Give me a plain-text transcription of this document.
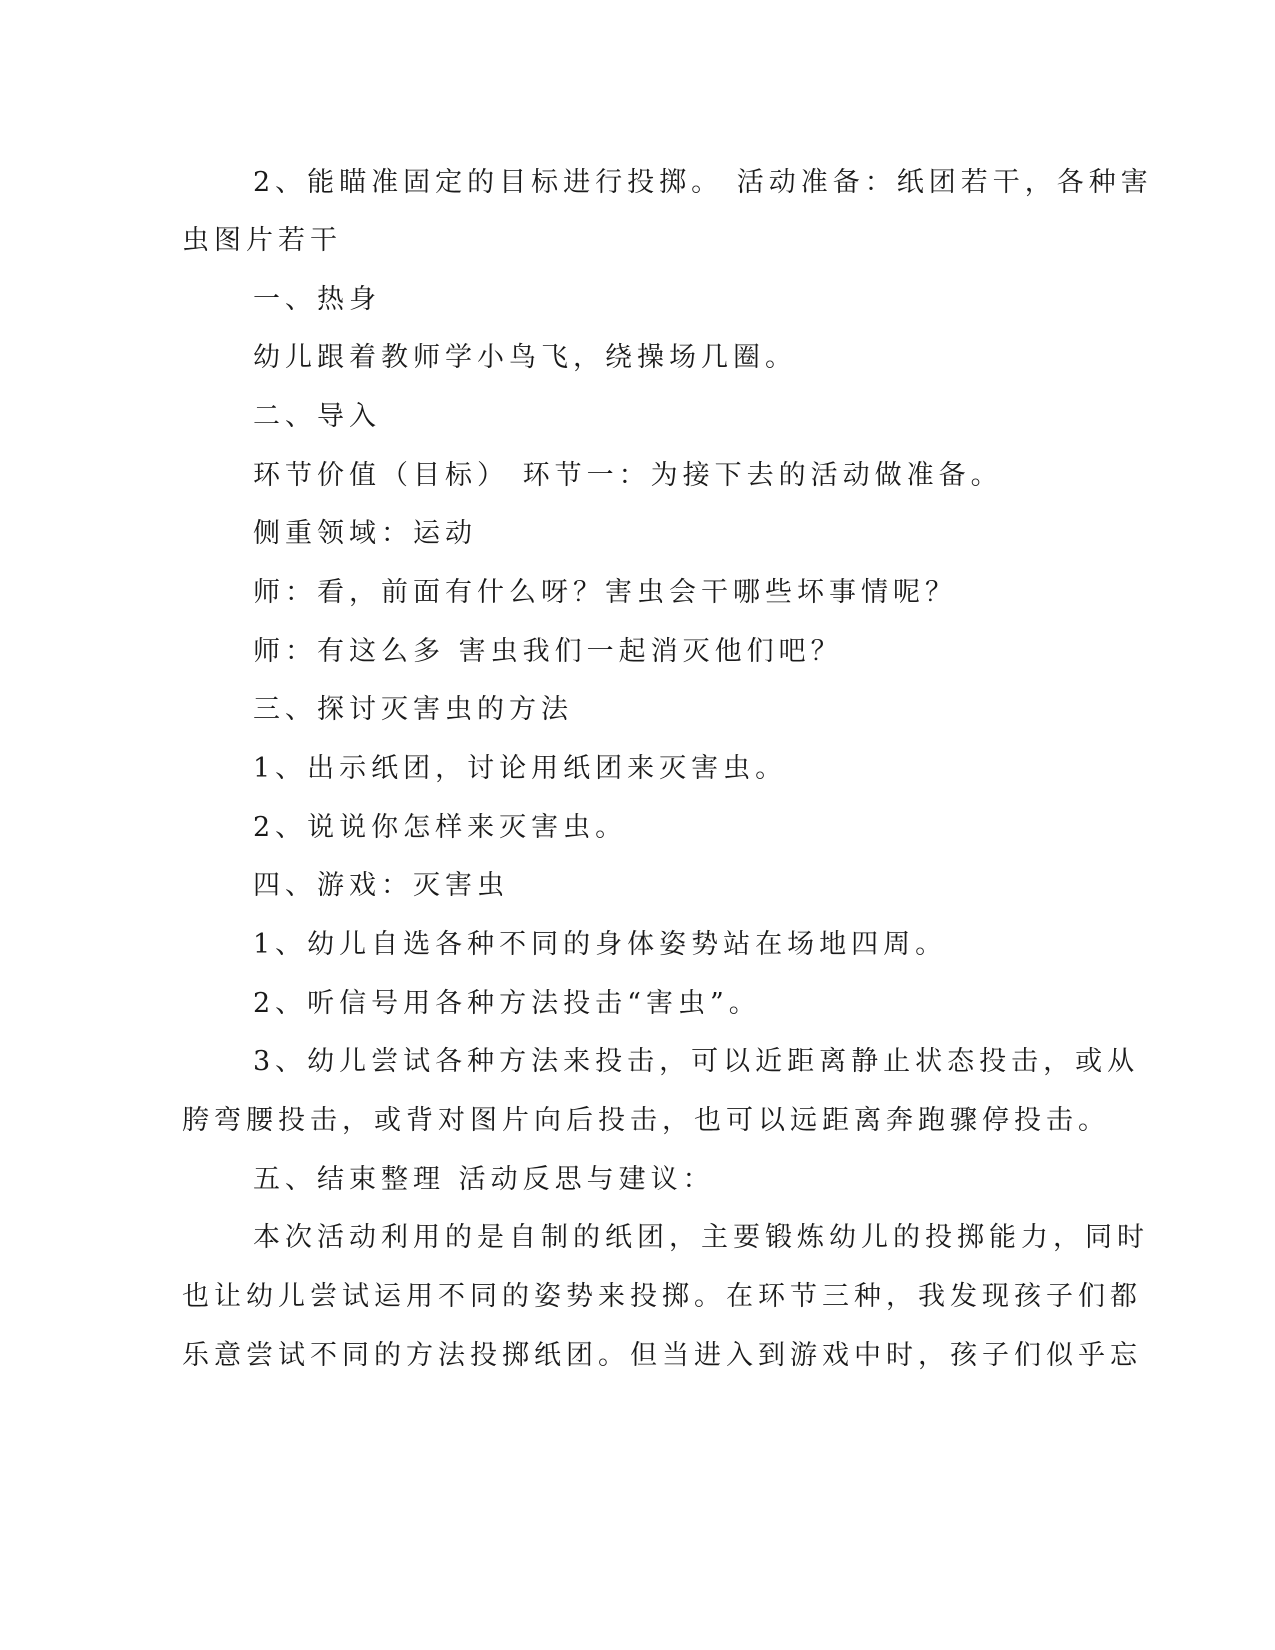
2、能瞄准固定的目标进行投掷。 活动准备：纸团若干，各种害
虫图片若干
一、热身
幼儿跟着教师学小鸟飞，绕操场几圈。
二、导入
环节价值（目标） 环节一：为接下去的活动做准备。
侧重领域：运动
师：看，前面有什么呀？害虫会干哪些坏事情呢？
师：有这么多 害虫我们一起消灭他们吧？
三、探讨灭害虫的方法
1、出示纸团，讨论用纸团来灭害虫。
2、说说你怎样来灭害虫。
四、游戏：灭害虫
1、幼儿自选各种不同的身体姿势站在场地四周。
2、听信号用各种方法投击“害虫”。
3、幼儿尝试各种方法来投击，可以近距离静止状态投击，或从
胯弯腰投击，或背对图片向后投击，也可以远距离奔跑骤停投击。
五、结束整理 活动反思与建议：
本次活动利用的是自制的纸团，主要锻炼幼儿的投掷能力，同时
也让幼儿尝试运用不同的姿势来投掷。在环节三种，我发现孩子们都
乐意尝试不同的方法投掷纸团。但当进入到游戏中时，孩子们似乎忘
